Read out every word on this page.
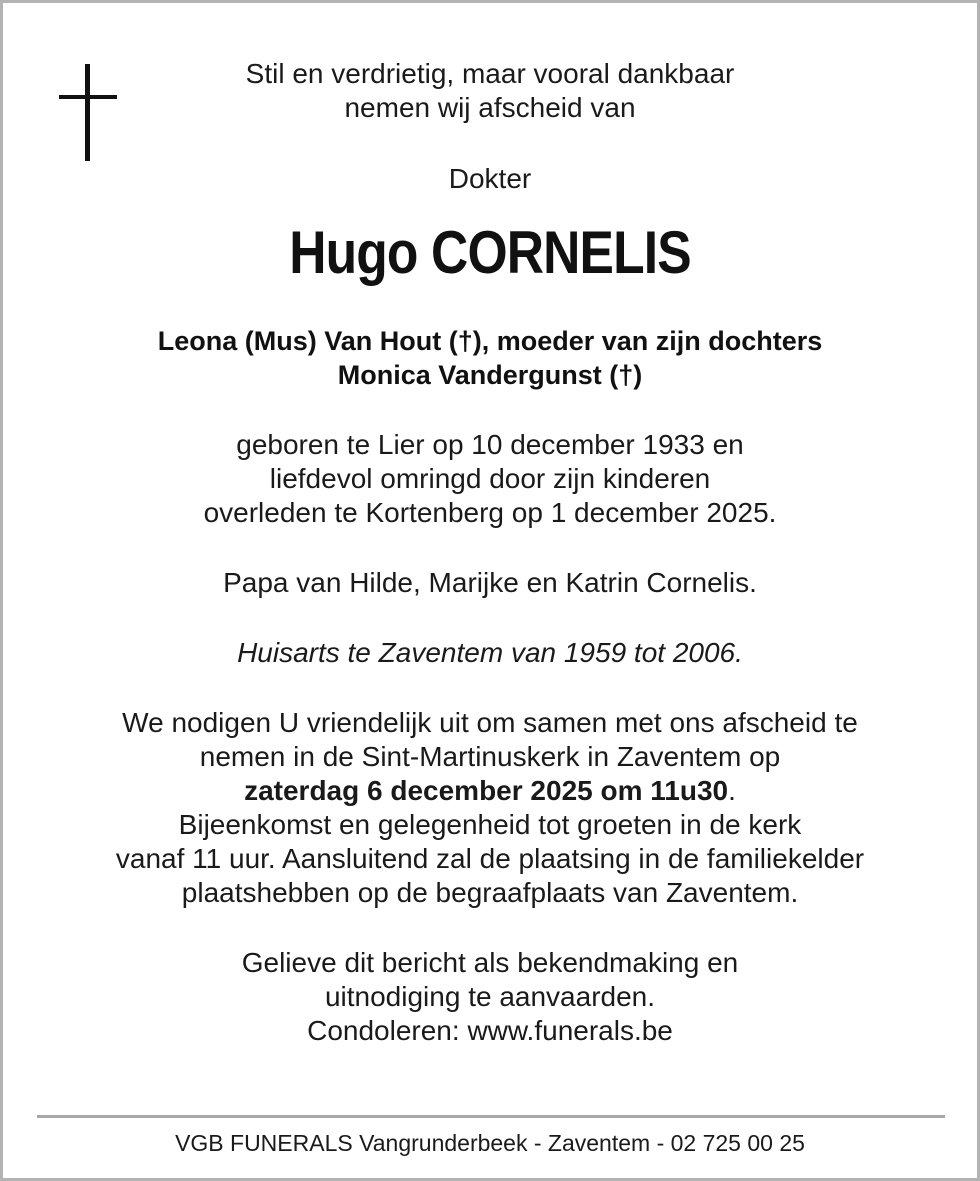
Stil en verdrietig, maar vooral dankbaar
nemen wij afscheid van

Dokter

Hugo CORNELIS

Leona (Mus) Van Hout (†), moeder van zijn dochters
Monica Vandergunst (†)

geboren te Lier op 10 december 1933 en
liefdevol omringd door zijn kinderen
overleden te Kortenberg op 1 december 2025.

Papa van Hilde, Marijke en Katrin Cornelis.

Huisarts te Zaventem van 1959 tot 2006.

We nodigen U vriendelijk uit om samen met ons afscheid te
nemen in de Sint-Martinuskerk in Zaventem op
zaterdag 6 december 2025 om 11u30.
Bijeenkomst en gelegenheid tot groeten in de kerk
vanaf 11 uur. Aansluitend zal de plaatsing in de familiekelder
plaatshebben op de begraafplaats van Zaventem.

Gelieve dit bericht als bekendmaking en
uitnodiging te aanvaarden.
Condoleren: www.funerals.be

VGB FUNERALS Vangrunderbeek - Zaventem - 02 725 00 25
